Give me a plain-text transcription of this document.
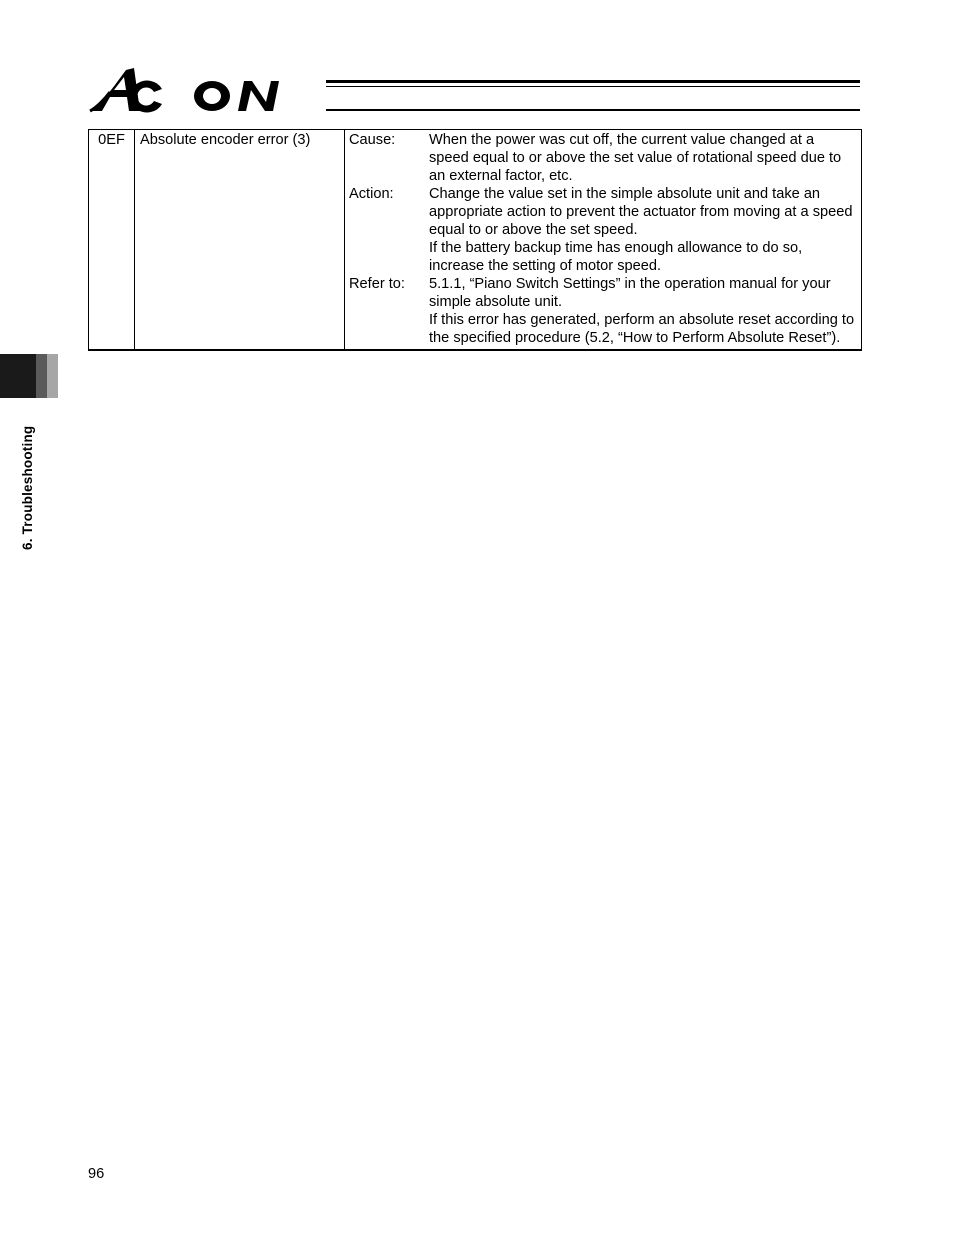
ACON
0EF	Absolute encoder error (3)	Cause:	When the power was cut off, the current value changed at a speed equal to or above the set value of rotational speed due to an external factor, etc.
Action:	Change the value set in the simple absolute unit and take an appropriate action to prevent the actuator from moving at a speed equal to or above the set speed.
If the battery backup time has enough allowance to do so, increase the setting of motor speed.
Refer to:	5.1.1, “Piano Switch Settings” in the operation manual for your simple absolute unit.
If this error has generated, perform an absolute reset according to the specified procedure (5.2, “How to Perform Absolute Reset”).
6. Troubleshooting
96
